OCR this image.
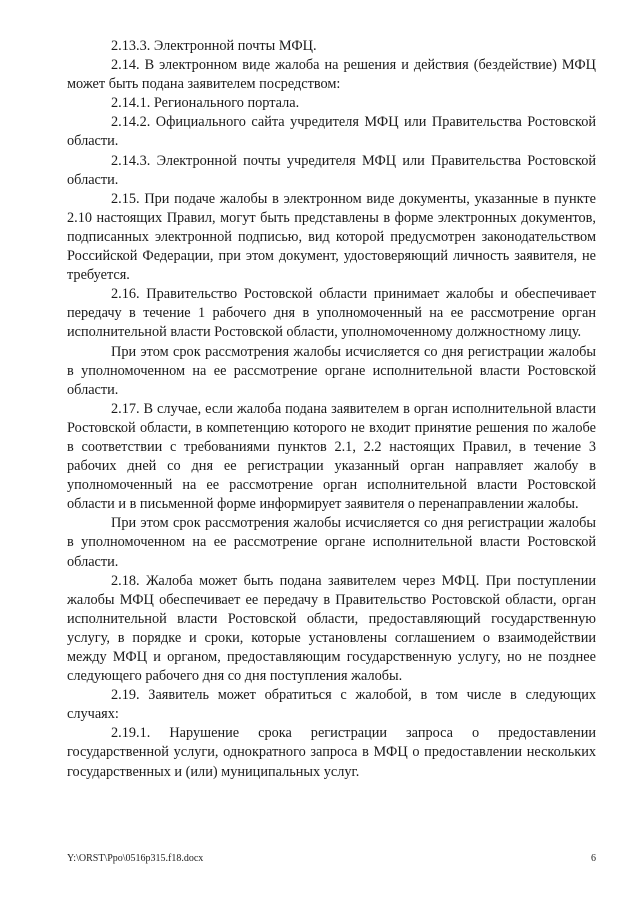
2.13.3. Электронной почты МФЦ.

2.14. В электронном виде жалоба на решения и действия (бездействие) МФЦ может быть подана заявителем посредством:

2.14.1. Регионального портала.

2.14.2. Официального сайта учредителя МФЦ или Правительства Ростовской области.

2.14.3. Электронной почты учредителя МФЦ или Правительства Ростовской области.

2.15. При подаче жалобы в электронном виде документы, указанные в пункте 2.10 настоящих Правил, могут быть представлены в форме электронных документов, подписанных электронной подписью, вид которой предусмотрен законодательством Российской Федерации, при этом документ, удостоверяющий личность заявителя, не требуется.

2.16. Правительство Ростовской области принимает жалобы и обеспечивает передачу в течение 1 рабочего дня в уполномоченный на ее рассмотрение орган исполнительной власти Ростовской области, уполномоченному должностному лицу.

При этом срок рассмотрения жалобы исчисляется со дня регистрации жалобы в уполномоченном на ее рассмотрение органе исполнительной власти Ростовской области.

2.17. В случае, если жалоба подана заявителем в орган исполнительной власти Ростовской области, в компетенцию которого не входит принятие решения по жалобе в соответствии с требованиями пунктов 2.1, 2.2 настоящих Правил, в течение 3 рабочих дней со дня ее регистрации указанный орган направляет жалобу в уполномоченный на ее рассмотрение орган исполнительной власти Ростовской области и в письменной форме информирует заявителя о перенаправлении жалобы.

При этом срок рассмотрения жалобы исчисляется со дня регистрации жалобы в уполномоченном на ее рассмотрение органе исполнительной власти Ростовской области.

2.18. Жалоба может быть подана заявителем через МФЦ. При поступлении жалобы МФЦ обеспечивает ее передачу в Правительство Ростовской области, орган исполнительной власти Ростовской области, предоставляющий государственную услугу, в порядке и сроки, которые установлены соглашением о взаимодействии между МФЦ и органом, предоставляющим государственную услугу, но не позднее следующего рабочего дня со дня поступления жалобы.

2.19. Заявитель может обратиться с жалобой, в том числе в следующих случаях:

2.19.1. Нарушение срока регистрации запроса о предоставлении государственной услуги, однократного запроса в МФЦ о предоставлении нескольких государственных и (или) муниципальных услуг.

Y:\ORST\Ppo\0516p315.f18.docx	6
